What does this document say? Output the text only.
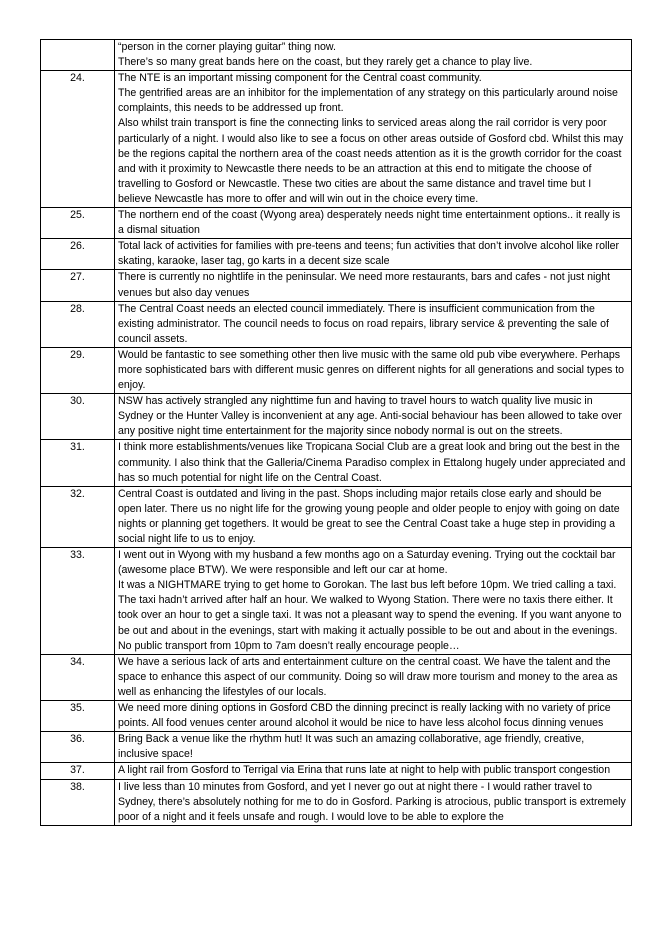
	“person in the corner playing guitar” thing now.

There’s so many great bands here on the coast, but they rarely get a chance to play live.

24.	The NTE is an important missing component for the Central coast community.

The gentrified areas are an inhibitor for the implementation of any strategy on this particularly around noise complaints, this needs to be addressed up front.

Also whilst train transport is fine the connecting links to serviced areas along the rail corridor is very poor particularly of a night. I would also like to see a focus on other areas outside of Gosford cbd. Whilst this may be the regions capital the northern area of the coast needs attention as it is the growth corridor for the coast and with it proximity to Newcastle there needs to be an attraction at this end to mitigate the choose of travelling to Gosford or Newcastle. These two cities are about the same distance and travel time but I believe Newcastle has more to offer and will win out in the choice every time.

25.	The northern end of the coast (Wyong area) desperately needs night time entertainment options.. it really is a dismal situation

26.	Total lack of activities for families with pre-teens and teens; fun activities that don’t involve alcohol like roller skating, karaoke, laser tag, go karts in a decent size scale

27.	There is currently no nightlife in the peninsular. We need more restaurants, bars and cafes - not just night venues but also day venues

28.	The Central Coast needs an elected council immediately. There is insufficient communication from the existing administrator. The council needs to focus on road repairs, library service & preventing the sale of council assets.

29.	Would be fantastic to see something other then live music with the same old pub vibe everywhere. Perhaps more sophisticated bars with different music genres on different nights for all generations and social types to enjoy.

30.	NSW has actively strangled any nighttime fun and having to travel hours to watch quality live music in Sydney or the Hunter Valley is inconvenient at any age. Anti-social behaviour has been allowed to take over any positive night time entertainment for the majority since nobody normal is out on the streets.

31.	I think more establishments/venues like Tropicana Social Club are a great look and bring out the best in the community. I also think that the Galleria/Cinema Paradiso complex in Ettalong hugely under appreciated and has so much potential for night life on the Central Coast.

32.	Central Coast is outdated and living in the past. Shops including major retails close early and should be open later. There us no night life for the growing young people and older people to enjoy with going on date nights or planning get togethers. It would be great to see the Central Coast take a huge step in providing a social night life to us to enjoy.

33.	I went out in Wyong with my husband a few months ago on a Saturday evening. Trying out the cocktail bar (awesome place BTW). We were responsible and left our car at home.

It was a NIGHTMARE trying to get home to Gorokan. The last bus left before 10pm. We tried calling a taxi. The taxi hadn’t arrived after half an hour. We walked to Wyong Station. There were no taxis there either. It took over an hour to get a single taxi. It was not a pleasant way to spend the evening. If you want anyone to be out and about in the evenings, start with making it actually possible to be out and about in the evenings. No public transport from 10pm to 7am doesn’t really encourage people…

34.	We have a serious lack of arts and entertainment culture on the central coast. We have the talent and the space to enhance this aspect of our community. Doing so will draw more tourism and money to the area as well as enhancing the lifestyles of our locals.

35.	We need more dining options in Gosford CBD the dinning precinct is really lacking with no variety of price points. All food venues center around alcohol it would be nice to have less alcohol focus dinning venues

36.	Bring Back a venue like the rhythm hut! It was such an amazing collaborative, age friendly, creative, inclusive space!

37.	A light rail from Gosford to Terrigal via Erina that runs late at night to help with public transport congestion

38.	I live less than 10 minutes from Gosford, and yet I never go out at night there - I would rather travel to Sydney, there’s absolutely nothing for me to do in Gosford. Parking is atrocious, public transport is extremely poor of a night and it feels unsafe and rough. I would love to be able to explore the
